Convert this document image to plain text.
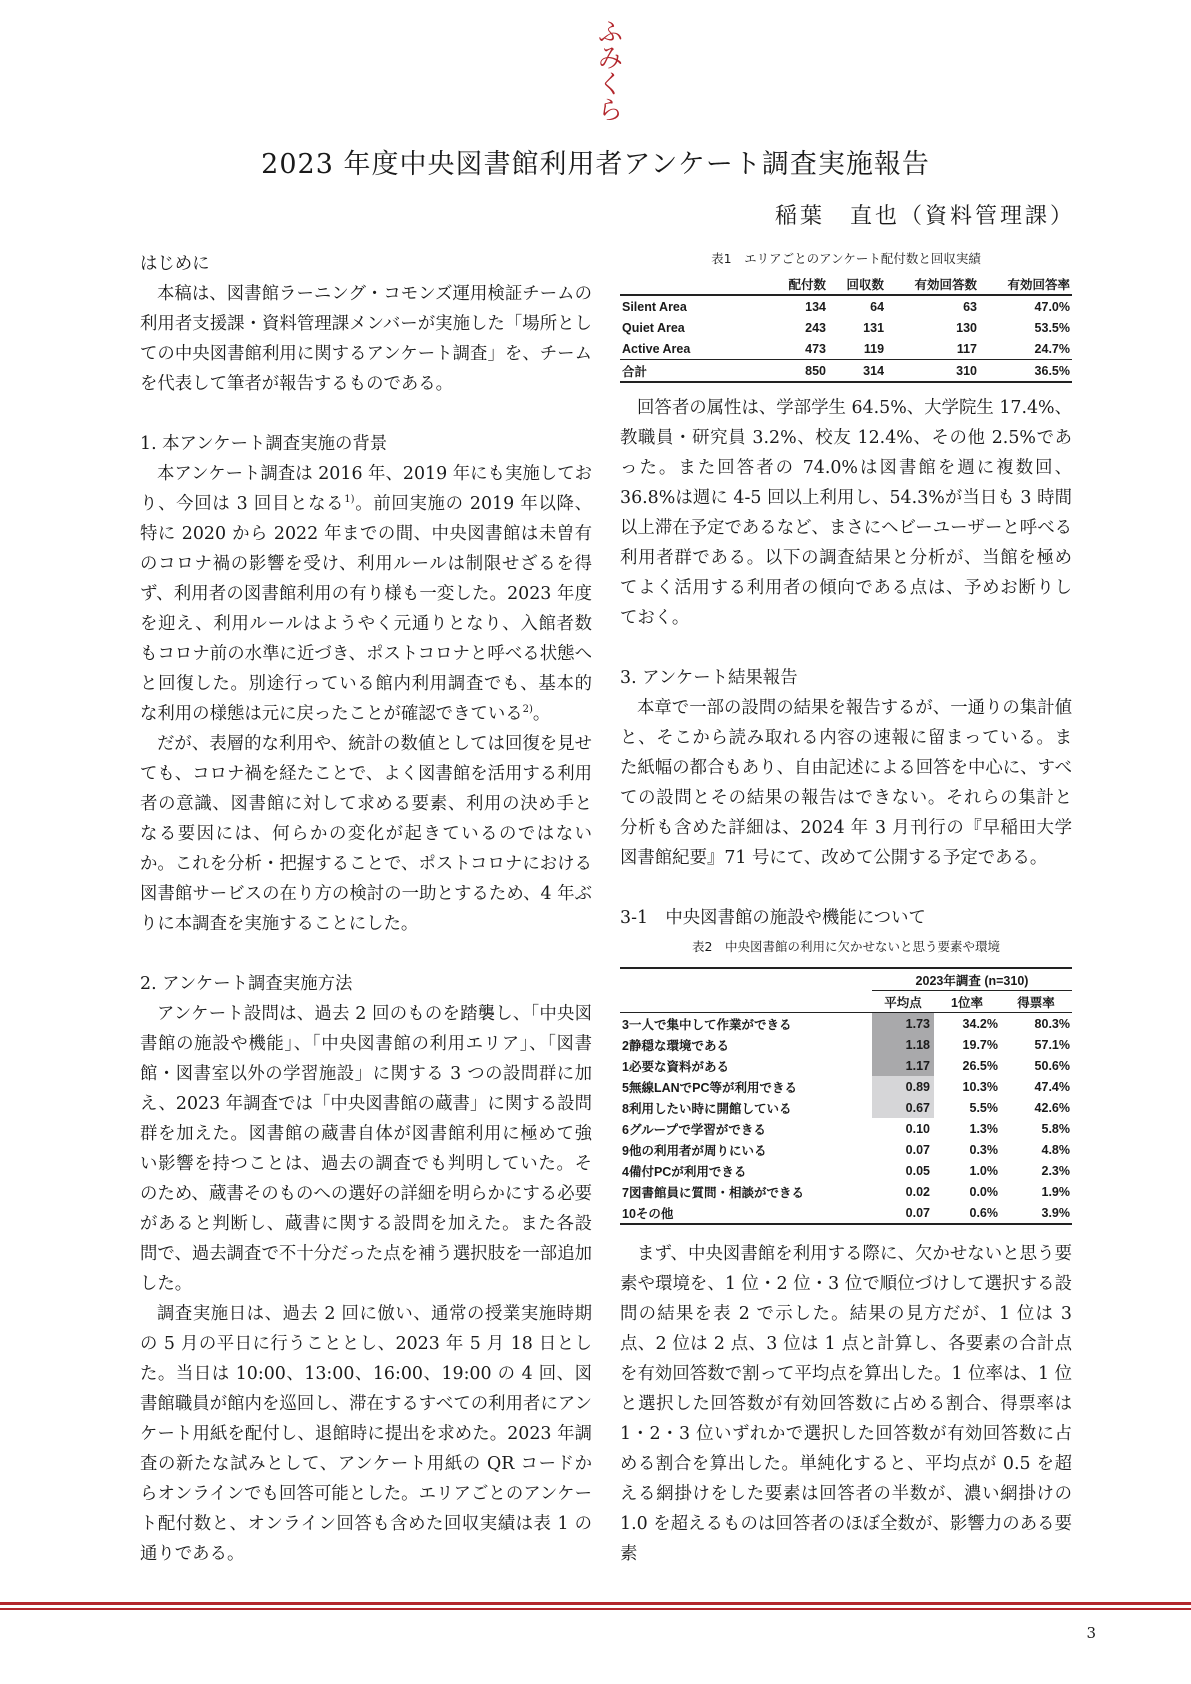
ふみくら
2023 年度中央図書館利用者アンケート調査実施報告
稲葉　直也（資料管理課）

はじめに

本稿は、図書館ラーニング・コモンズ運用検証チームの利用者支援課・資料管理課メンバーが実施した「場所としての中央図書館利用に関するアンケート調査」を、チームを代表して筆者が報告するものである。

1. 本アンケート調査実施の背景

本アンケート調査は 2016 年、2019 年にも実施しており、今回は 3 回目となる$^{1)}$。前回実施の 2019 年以降、特に 2020 から 2022 年までの間、中央図書館は未曽有のコロナ禍の影響を受け、利用ルールは制限せざるを得ず、利用者の図書館利用の有り様も一変した。2023 年度を迎え、利用ルールはようやく元通りとなり、入館者数もコロナ前の水準に近づき、ポストコロナと呼べる状態へと回復した。別途行っている館内利用調査でも、基本的な利用の様態は元に戻ったことが確認できている$^{2)}$。

だが、表層的な利用や、統計の数値としては回復を見せても、コロナ禍を経たことで、よく図書館を活用する利用者の意識、図書館に対して求める要素、利用の決め手となる要因には、何らかの変化が起きているのではないか。これを分析・把握することで、ポストコロナにおける図書館サービスの在り方の検討の一助とするため、4 年ぶりに本調査を実施することにした。

2. アンケート調査実施方法

アンケート設問は、過去 2 回のものを踏襲し、「中央図書館の施設や機能」、「中央図書館の利用エリア」、「図書館・図書室以外の学習施設」に関する 3 つの設問群に加え、2023 年調査では「中央図書館の蔵書」に関する設問群を加えた。図書館の蔵書自体が図書館利用に極めて強い影響を持つことは、過去の調査でも判明していた。そのため、蔵書そのものへの選好の詳細を明らかにする必要があると判断し、蔵書に関する設問を加えた。また各設問で、過去調査で不十分だった点を補う選択肢を一部追加した。

調査実施日は、過去 2 回に倣い、通常の授業実施時期の 5 月の平日に行うこととし、2023 年 5 月 18 日とした。当日は 10:00、13:00、16:00、19:00 の 4 回、図書館職員が館内を巡回し、滞在するすべての利用者にアンケート用紙を配付し、退館時に提出を求めた。2023 年調査の新たな試みとして、アンケート用紙の QR コードからオンラインでも回答可能とした。エリアごとのアンケート配付数と、オンライン回答も含めた回収実績は表 1 の通りである。

表1　エリアごとのアンケート配付数と回収実績

	配付数	回収数	有効回答数	有効回答率
Silent Area	134	64	63	47.0%
Quiet Area	243	131	130	53.5%
Active Area	473	119	117	24.7%
合計	850	314	310	36.5%

回答者の属性は、学部学生 64.5%、大学院生 17.4%、教職員・研究員 3.2%、校友 12.4%、その他 2.5%であった。また回答者の 74.0%は図書館を週に複数回、36.8%は週に 4-5 回以上利用し、54.3%が当日も 3 時間以上滞在予定であるなど、まさにヘビーユーザーと呼べる利用者群である。以下の調査結果と分析が、当館を極めてよく活用する利用者の傾向である点は、予めお断りしておく。

3. アンケート結果報告

本章で一部の設問の結果を報告するが、一通りの集計値と、そこから読み取れる内容の速報に留まっている。また紙幅の都合もあり、自由記述による回答を中心に、すべての設問とその結果の報告はできない。それらの集計と分析も含めた詳細は、2024 年 3 月刊行の『早稲田大学図書館紀要』71 号にて、改めて公開する予定である。

3-1　中央図書館の施設や機能について

表2　中央図書館の利用に欠かせないと思う要素や環境

	2023年調査 (n=310)		
	平均点	1位率	得票率
3一人で集中して作業ができる	1.73	34.2%	80.3%
2静穏な環境である	1.18	19.7%	57.1%
1必要な資料がある	1.17	26.5%	50.6%
5無線LANでPC等が利用できる	0.89	10.3%	47.4%
8利用したい時に開館している	0.67	5.5%	42.6%
6グループで学習ができる	0.10	1.3%	5.8%
9他の利用者が周りにいる	0.07	0.3%	4.8%
4備付PCが利用できる	0.05	1.0%	2.3%
7図書館員に質問・相談ができる	0.02	0.0%	1.9%
10その他	0.07	0.6%	3.9%

まず、中央図書館を利用する際に、欠かせないと思う要素や環境を、1 位・2 位・3 位で順位づけして選択する設問の結果を表 2 で示した。結果の見方だが、1 位は 3 点、2 位は 2 点、3 位は 1 点と計算し、各要素の合計点を有効回答数で割って平均点を算出した。1 位率は、1 位と選択した回答数が有効回答数に占める割合、得票率は 1・2・3 位いずれかで選択した回答数が有効回答数に占める割合を算出した。単純化すると、平均点が 0.5 を超える網掛けをした要素は回答者の半数が、濃い網掛けの 1.0 を超えるものは回答者のほぼ全数が、影響力のある要素

3
